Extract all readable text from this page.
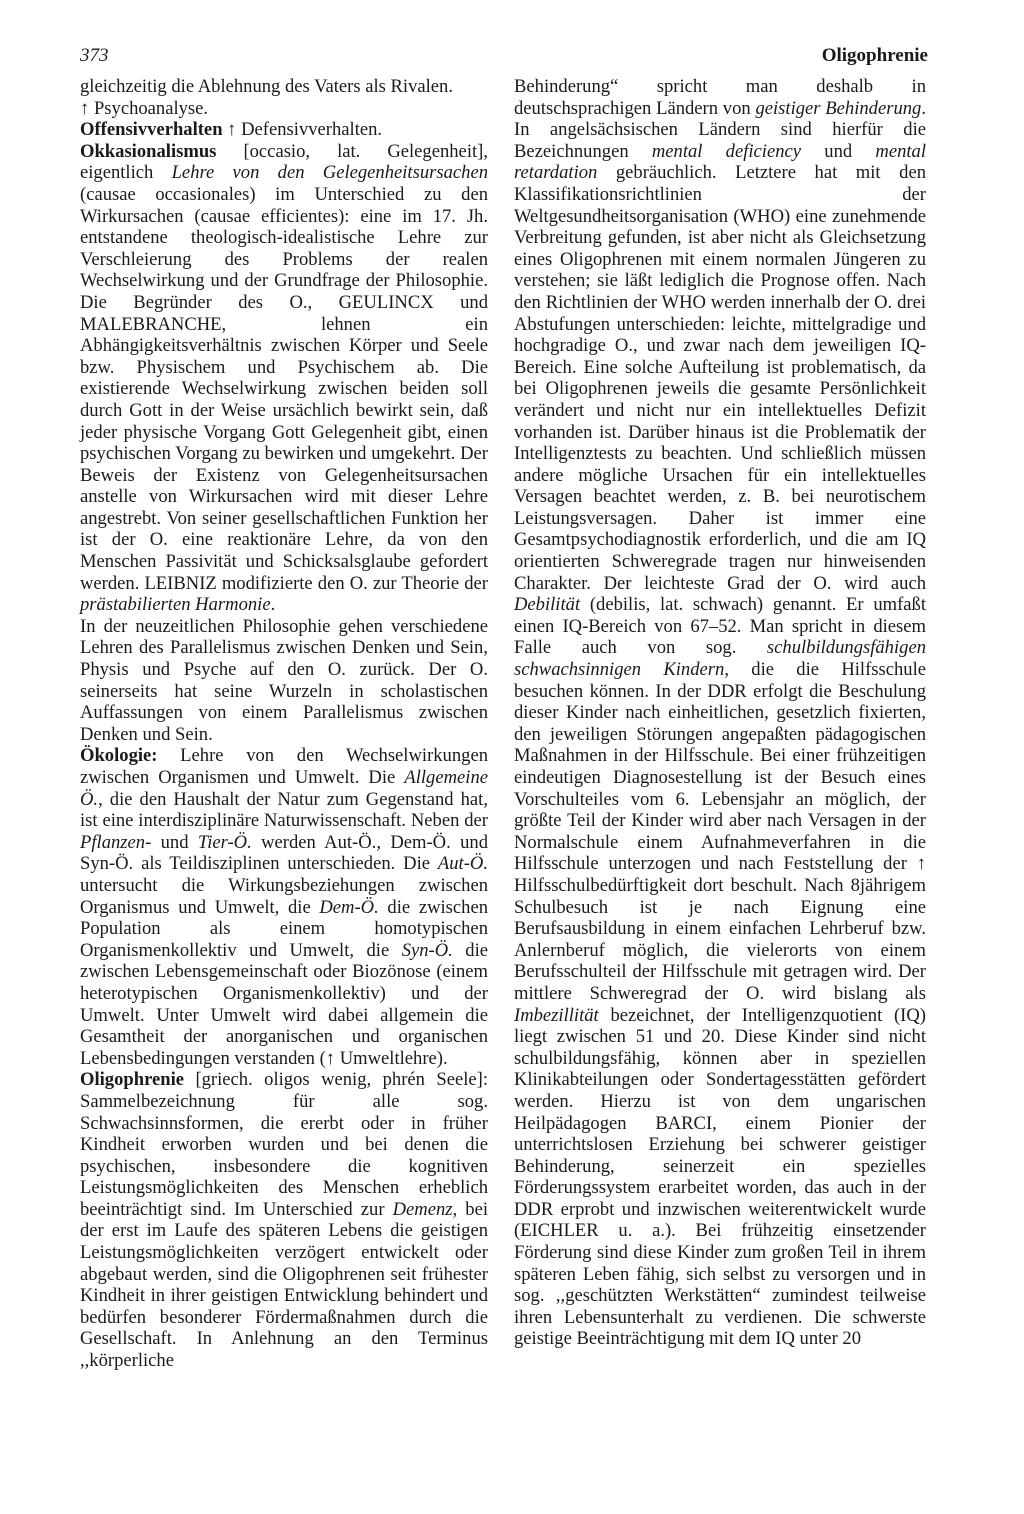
373	Oligophrenie

gleichzeitig die Ablehnung des Vaters als Rivalen.

↑ Psychoanalyse.

Offensivverhalten ↑ Defensivverhalten.

Okkasionalismus [occasio, lat. Gelegenheit], eigentlich Lehre von den Gelegenheitsursachen (causae occasionales) im Unterschied zu den Wirkursachen (causae efficientes): eine im 17. Jh. entstandene theologisch-idealistische Lehre zur Verschleierung des Problems der realen Wechselwirkung und der Grundfrage der Philosophie. Die Begründer des O., GEULINCX und MALEBRANCHE, lehnen ein Abhängigkeitsverhältnis zwischen Körper und Seele bzw. Physischem und Psychischem ab. Die existierende Wechselwirkung zwischen beiden soll durch Gott in der Weise ursächlich bewirkt sein, daß jeder physische Vorgang Gott Gelegenheit gibt, einen psychischen Vorgang zu bewirken und umgekehrt. Der Beweis der Existenz von Gelegenheitsursachen anstelle von Wirkursachen wird mit dieser Lehre angestrebt. Von seiner gesellschaftlichen Funktion her ist der O. eine reaktionäre Lehre, da von den Menschen Passivität und Schicksalsglaube gefordert werden. LEIBNIZ modifizierte den O. zur Theorie der prästabilierten Harmonie.

In der neuzeitlichen Philosophie gehen verschiedene Lehren des Parallelismus zwischen Denken und Sein, Physis und Psyche auf den O. zurück. Der O. seinerseits hat seine Wurzeln in scholastischen Auffassungen von einem Parallelismus zwischen Denken und Sein.

Ökologie: Lehre von den Wechselwirkungen zwischen Organismen und Umwelt. Die Allgemeine Ö., die den Haushalt der Natur zum Gegenstand hat, ist eine interdisziplinäre Naturwissenschaft. Neben der Pflanzen- und Tier-Ö. werden Aut-Ö., Dem-Ö. und Syn-Ö. als Teildisziplinen unterschieden. Die Aut-Ö. untersucht die Wirkungsbeziehungen zwischen Organismus und Umwelt, die Dem-Ö. die zwischen Population als einem homotypischen Organismenkollektiv und Umwelt, die Syn-Ö. die zwischen Lebensgemeinschaft oder Biozönose (einem heterotypischen Organismenkollektiv) und der Umwelt. Unter Umwelt wird dabei allgemein die Gesamtheit der anorganischen und organischen Lebensbedingungen verstanden (↑ Umweltlehre).

Oligophrenie [griech. oligos wenig, phrén Seele]: Sammelbezeichnung für alle sog. Schwachsinnsformen, die ererbt oder in früher Kindheit erworben wurden und bei denen die psychischen, insbesondere die kognitiven Leistungsmöglichkeiten des Menschen erheblich beeinträchtigt sind. Im Unterschied zur Demenz, bei der erst im Laufe des späteren Lebens die geistigen Leistungsmöglichkeiten verzögert entwickelt oder abgebaut werden, sind die Oligophrenen seit frühester Kindheit in ihrer geistigen Entwicklung behindert und bedürfen besonderer Fördermaßnahmen durch die Gesellschaft. In Anlehnung an den Terminus ,,körperliche

Behinderung“ spricht man deshalb in deutschsprachigen Ländern von geistiger Behinderung. In angelsächsischen Ländern sind hierfür die Bezeichnungen mental deficiency und mental retardation gebräuchlich. Letztere hat mit den Klassifikationsrichtlinien der Weltgesundheitsorganisation (WHO) eine zunehmende Verbreitung gefunden, ist aber nicht als Gleichsetzung eines Oligophrenen mit einem normalen Jüngeren zu verstehen; sie läßt lediglich die Prognose offen. Nach den Richtlinien der WHO werden innerhalb der O. drei Abstufungen unterschieden: leichte, mittelgradige und hochgradige O., und zwar nach dem jeweiligen IQ-Bereich. Eine solche Aufteilung ist problematisch, da bei Oligophrenen jeweils die gesamte Persönlichkeit verändert und nicht nur ein intellektuelles Defizit vorhanden ist. Darüber hinaus ist die Problematik der Intelligenztests zu beachten. Und schließlich müssen andere mögliche Ursachen für ein intellektuelles Versagen beachtet werden, z. B. bei neurotischem Leistungsversagen. Daher ist immer eine Gesamtpsychodiagnostik erforderlich, und die am IQ orientierten Schweregrade tragen nur hinweisenden Charakter. Der leichteste Grad der O. wird auch Debilität (debilis, lat. schwach) genannt. Er umfaßt einen IQ-Bereich von 67–52. Man spricht in diesem Falle auch von sog. schulbildungsfähigen schwachsinnigen Kindern, die die Hilfsschule besuchen können. In der DDR erfolgt die Beschulung dieser Kinder nach einheitlichen, gesetzlich fixierten, den jeweiligen Störungen angepaßten pädagogischen Maßnahmen in der Hilfsschule. Bei einer frühzeitigen eindeutigen Diagnosestellung ist der Besuch eines Vorschulteiles vom 6. Lebensjahr an möglich, der größte Teil der Kinder wird aber nach Versagen in der Normalschule einem Aufnahmeverfahren in die Hilfsschule unterzogen und nach Feststellung der ↑ Hilfsschulbedürftigkeit dort beschult. Nach 8jährigem Schulbesuch ist je nach Eignung eine Berufsausbildung in einem einfachen Lehrberuf bzw. Anlernberuf möglich, die vielerorts von einem Berufsschulteil der Hilfsschule mit getragen wird. Der mittlere Schweregrad der O. wird bislang als Imbezillität bezeichnet, der Intelligenzquotient (IQ) liegt zwischen 51 und 20. Diese Kinder sind nicht schulbildungsfähig, können aber in speziellen Klinikabteilungen oder Sondertagesstätten gefördert werden. Hierzu ist von dem ungarischen Heilpädagogen BARCI, einem Pionier der unterrichtslosen Erziehung bei schwerer geistiger Behinderung, seinerzeit ein spezielles Förderungssystem erarbeitet worden, das auch in der DDR erprobt und inzwischen weiterentwickelt wurde (EICHLER u. a.). Bei frühzeitig einsetzender Förderung sind diese Kinder zum großen Teil in ihrem späteren Leben fähig, sich selbst zu versorgen und in sog. ,,geschützten Werkstätten“ zumindest teilweise ihren Lebensunterhalt zu verdienen. Die schwerste geistige Beeinträchtigung mit dem IQ unter 20
